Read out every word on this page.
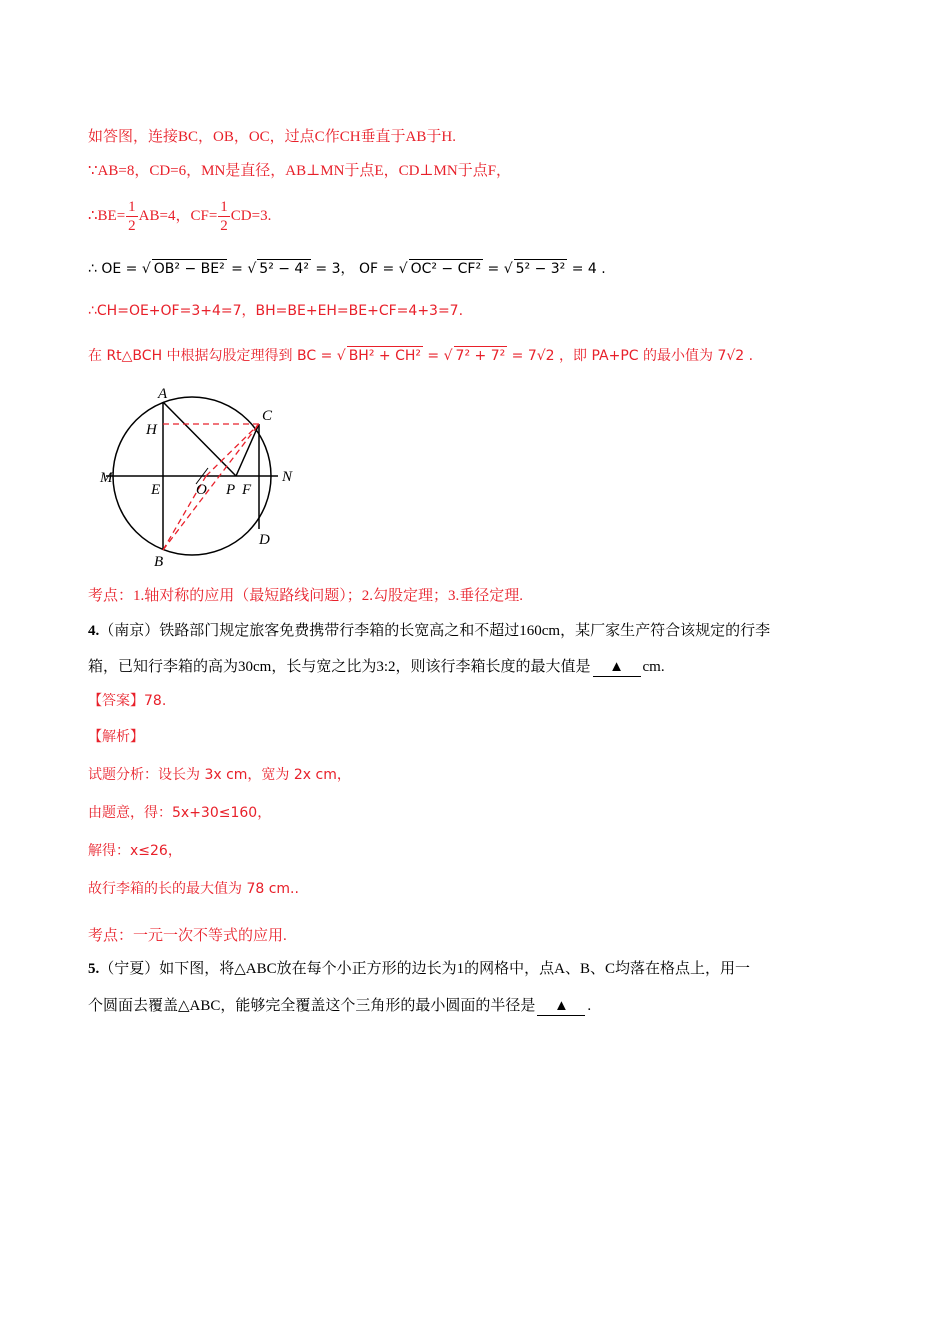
如答图，连接BC，OB，OC，过点C作CH垂直于AB于H.
∵AB=8，CD=6，MN是直径，AB⊥MN于点E，CD⊥MN于点F，
∴BE= $\frac{1}{2} AB=4$，$CF= \frac{1}{2} CD=3$.
∴ OE = √ OB² − BE² = √ 5² − 4² = 3， OF = √ OC² − CF² = √ 5² − 3² = 4 .
∴CH=OE+OF=3+4=7，BH=BE+EH=BE+CF=4+3=7.
在 Rt△BCH 中根据勾股定理得到 BC = √ BH² + CH² = √ 7² + 7² = 7√2 ，即 PA+PC 的最小值为 7√2 .
A
H
C
M	N
E O P F
D
B
考点：1.轴对称的应用（最短路线问题）；2.勾股定理；3.垂径定理.
4.（南京）铁路部门规定旅客免费携带行李箱的长宽高之和不超过160cm，某厂家生产符合该规定的行李
箱，已知行李箱的高为30cm，长与宽之比为3:2，则该行李箱长度的最大值是 ▲ cm.
【答案】78.
【解析】
试题分析：设长为 3x cm，宽为 2x cm，
由题意，得：5x+30≤160，
解得：x≤26，
故行李箱的长的最大值为 78 cm..
考点：一元一次不等式的应用.
5.（宁夏）如下图，将△ABC放在每个小正方形的边长为1的网格中，点A、B、C均落在格点上，用一
个圆面去覆盖△ABC，能够完全覆盖这个三角形的最小圆面的半径是 ▲ .
